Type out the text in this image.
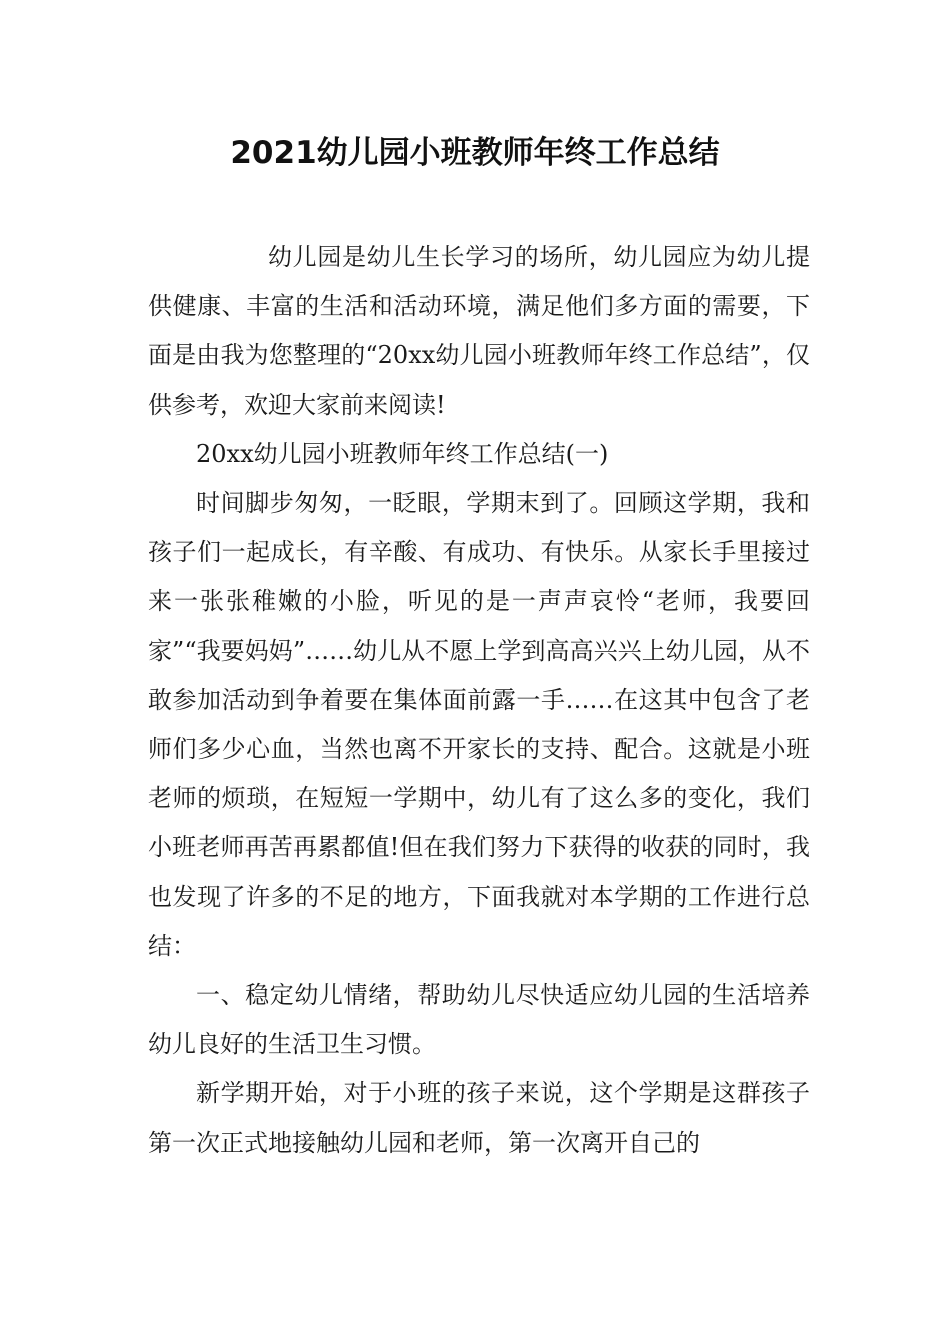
2021幼儿园小班教师年终工作总结

幼儿园是幼儿生长学习的场所，幼儿园应为幼儿提供健康、丰富的生活和活动环境，满足他们多方面的需要，下面是由我为您整理的“20xx幼儿园小班教师年终工作总结”，仅供参考，欢迎大家前来阅读!

20xx幼儿园小班教师年终工作总结(一)

时间脚步匆匆，一眨眼，学期末到了。回顾这学期，我和孩子们一起成长，有辛酸、有成功、有快乐。从家长手里接过来一张张稚嫩的小脸，听见的是一声声哀怜“老师，我要回家”“我要妈妈”……幼儿从不愿上学到高高兴兴上幼儿园，从不敢参加活动到争着要在集体面前露一手……在这其中包含了老师们多少心血，当然也离不开家长的支持、配合。这就是小班老师的烦琐，在短短一学期中，幼儿有了这么多的变化，我们小班老师再苦再累都值!但在我们努力下获得的收获的同时，我也发现了许多的不足的地方，下面我就对本学期的工作进行总结：

一、稳定幼儿情绪，帮助幼儿尽快适应幼儿园的生活培养幼儿良好的生活卫生习惯。

新学期开始，对于小班的孩子来说，这个学期是这群孩子第一次正式地接触幼儿园和老师，第一次离开自己的
